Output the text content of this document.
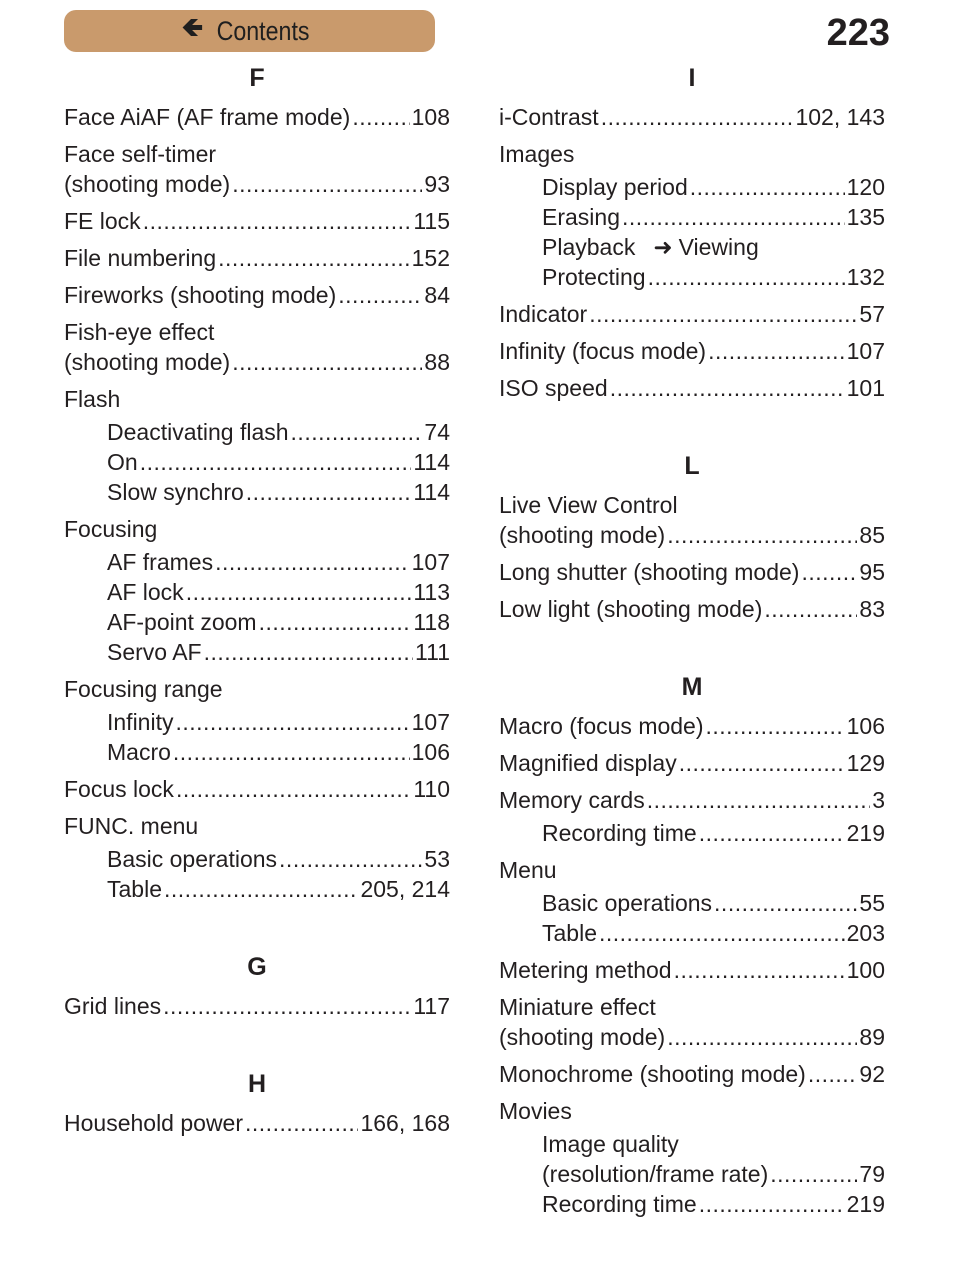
🡸 Contents	223
F
Face AiAF (AF frame mode) .....	108
Face self-timer
(shooting mode) .....	93
FE lock .....	115
File numbering .....	152
Fireworks (shooting mode) .....	84
Fish-eye effect
(shooting mode) .....	88
Flash
Deactivating flash .....	74
On .....	114
Slow synchro .....	114
Focusing
AF frames .....	107
AF lock .....	113
AF-point zoom .....	118
Servo AF .....	111
Focusing range
Infinity .....	107
Macro .....	106
Focus lock .....	110
FUNC. menu
Basic operations .....	53
Table .....	205, 214
G
Grid lines .....	117
H
Household power .....	166, 168
I
i-Contrast .....	102, 143
Images
Display period .....	120
Erasing .....	135
Playback ➜ Viewing
Protecting .....	132
Indicator .....	57
Infinity (focus mode) .....	107
ISO speed .....	101
L
Live View Control
(shooting mode) .....	85
Long shutter (shooting mode) .....	95
Low light (shooting mode) .....	83
M
Macro (focus mode) .....	106
Magnified display .....	129
Memory cards .....	3
Recording time .....	219
Menu
Basic operations .....	55
Table .....	203
Metering method .....	100
Miniature effect
(shooting mode) .....	89
Monochrome (shooting mode) ..... 92
Movies
Image quality
(resolution/frame rate) .....	79
Recording time .....	219
